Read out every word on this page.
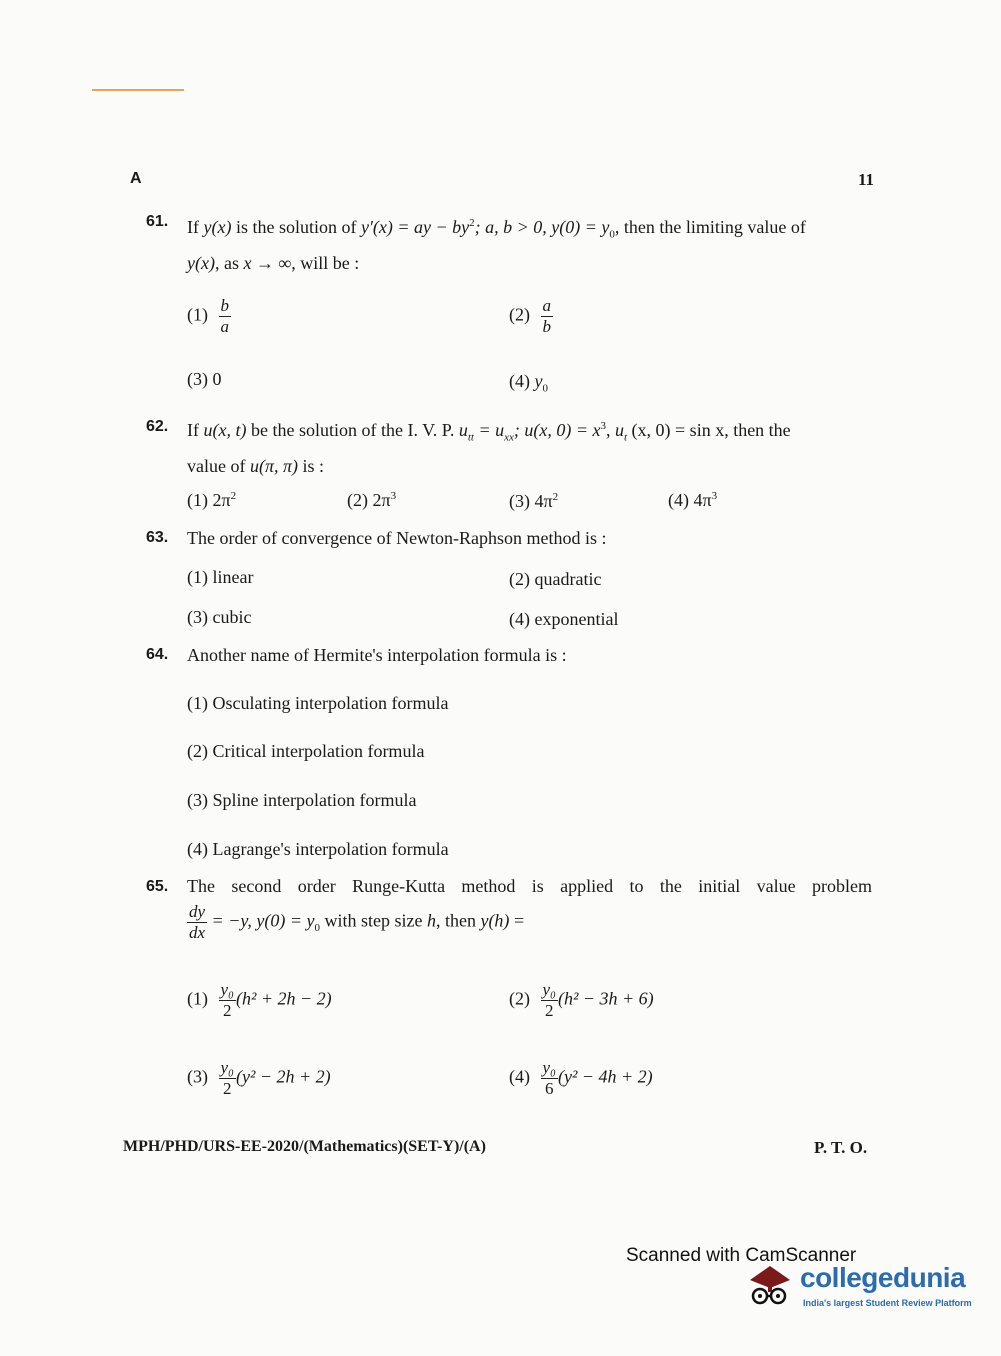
A	11
61. If y(x) is the solution of y′(x) = ay − $by^2$; a, b > 0, $y(0) = y_0$, then the limiting value of
y(x), as x → ∞, will be :
$(1) \frac{b}{a}$	$(2) \frac{a}{b}$
(3) 0	(4) $y_0$
62. If u(x, t) be the solution of the I. V. P. $u_{tt} = u_{xx}$; u(x, $0) = x^3$, $u_t$ (x, 0) = sin x, then the
value of u(π, π) is :
(1) $2\pi^2$	(2) $2\pi^3$	(3) $4\pi^2$	(4) $4\pi^3$
63. The order of convergence of Newton-Raphson method is :
(1) linear	(2) quadratic
(3) cubic	(4) exponential
64. Another name of Hermite's interpolation formula is :
(1) Osculating interpolation formula
(2) Critical interpolation formula
(3) Spline interpolation formula
(4) Lagrange's interpolation formula
65. The second order Runge-Kutta method is applied to the initial value problem
$\frac{dy}{dx} = -y$, $y(0) = y_0$ with step size h, then y(h) =
$(1) \frac{\text{y₀}}{2} (h^2 + 2h - 2)$	$(2) \frac{\text{y₀}}{2} (h^2 - 3h + 6)$
$(3) \frac{\text{y₀}}{2} (y^2 - 2h + 2)$	$(4) \frac{\text{y₀}}{6} (y^2 - 4h + 2)$
MPH/PHD/URS-EE-2020/(Mathematics)(SET-Y)/(A)	P. T. O.
Scanned with CamScanner
collegedunia
India's largest Student Review Platform
